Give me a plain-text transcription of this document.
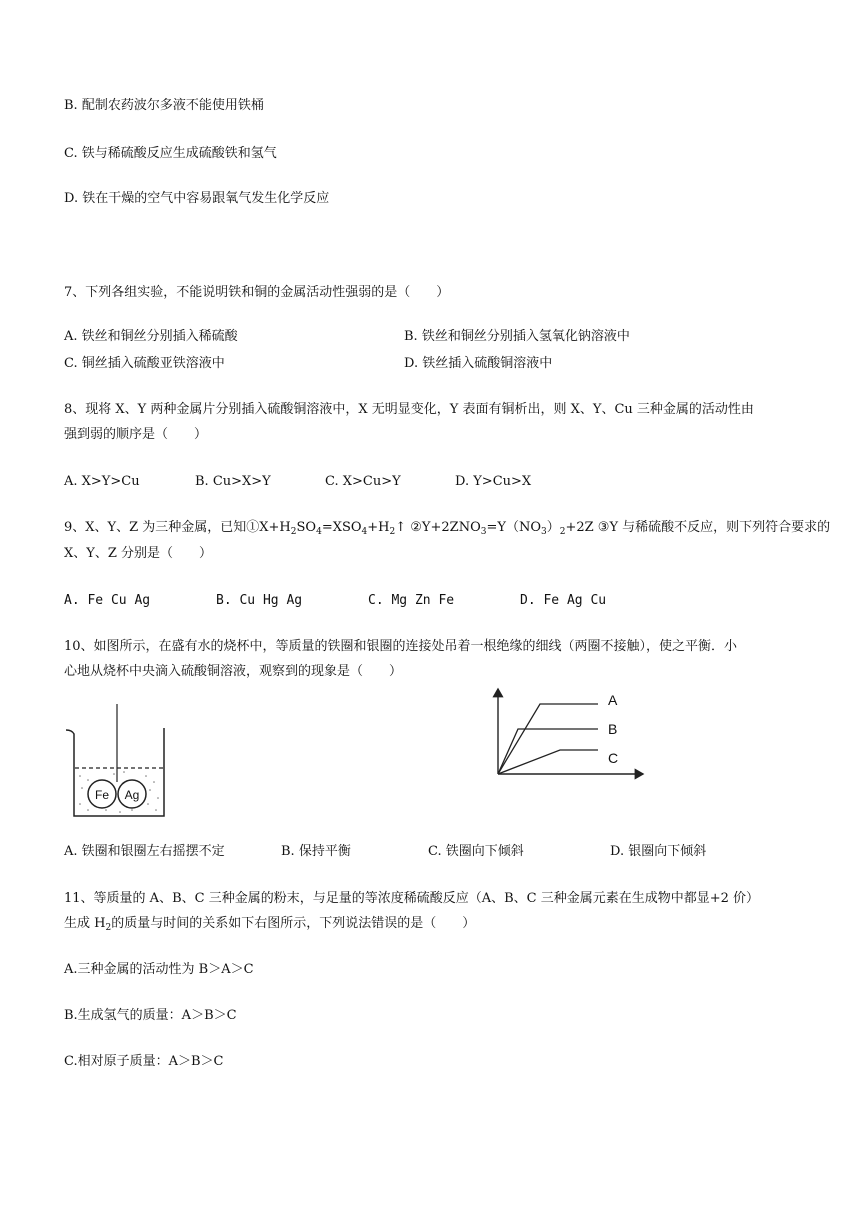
B. 配制农药波尔多液不能使用铁桶
C. 铁与稀硫酸反应生成硫酸铁和氢气
D. 铁在干燥的空气中容易跟氧气发生化学反应
7、下列各组实验，不能说明铁和铜的金属活动性强弱的是（　　）
A. 铁丝和铜丝分别插入稀硫酸	B. 铁丝和铜丝分别插入氢氧化钠溶液中
C. 铜丝插入硫酸亚铁溶液中	D. 铁丝插入硫酸铜溶液中
8、现将 X、Y 两种金属片分别插入硫酸铜溶液中，X 无明显变化，Y 表面有铜析出，则 X、Y、Cu 三种金属的活动性由
强到弱的顺序是（　　）
A. X>Y>Cu	B. Cu>X>Y	C. X>Cu>Y	D. Y>Cu>X
9、X、Y、Z 为三种金属，已知$①X+H_2SO_4=XSO_4+H_2↑$ $②Y+2ZNO_3=Y(NO_3)_2+2Z$ ③Y 与稀硫酸不反应，则下列符合要求的
X、Y、Z 分别是（　　）
A. Fe Cu Ag	B. Cu Hg Ag	C. Mg Zn Fe	D. Fe Ag Cu
10、如图所示，在盛有水的烧杯中，等质量的铁圈和银圈的连接处吊着一根绝缘的细线（两圈不接触），使之平衡．小
心地从烧杯中央滴入硫酸铜溶液，观察到的现象是（　　）
Fe Ag
A
B
C
A. 铁圈和银圈左右摇摆不定	B. 保持平衡	C. 铁圈向下倾斜	D. 银圈向下倾斜
11、等质量的 A、B、C 三种金属的粉末，与足量的等浓度稀硫酸反应（A、B、C 三种金属元素在生成物中都显+2 价）
生成 $H_2$的质量与时间的关系如下右图所示，下列说法错误的是（　　）
A.三种金属的活动性为 B＞A＞C
B.生成氢气的质量：A＞B＞C
C.相对原子质量：A＞B＞C
